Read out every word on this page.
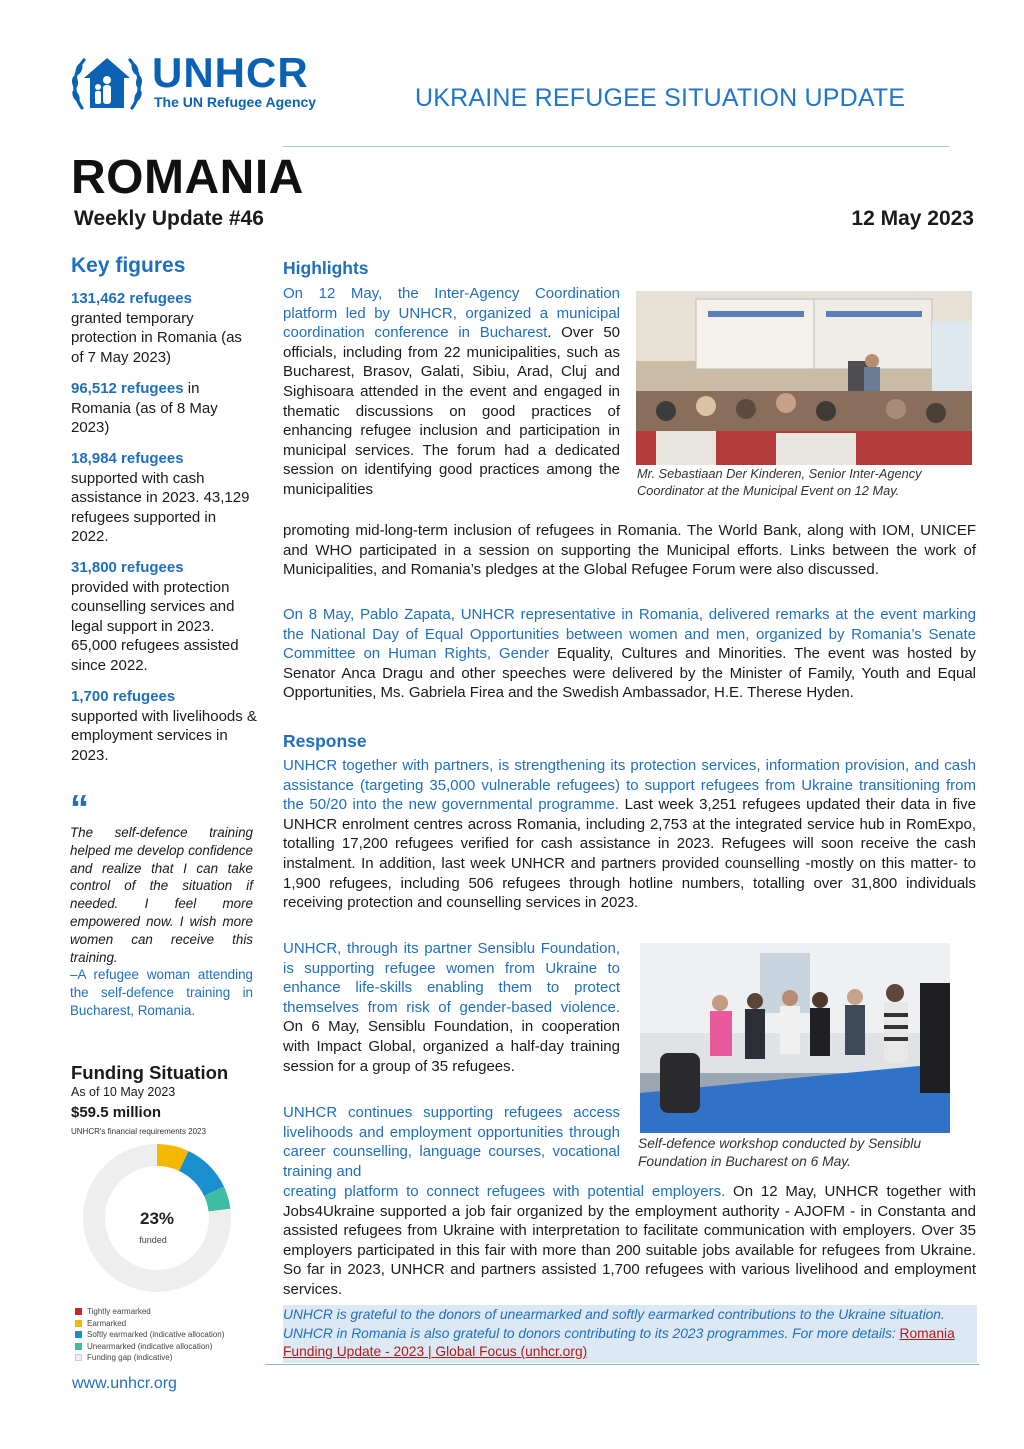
UNHCR
The UN Refugee Agency	UKRAINE REFUGEE SITUATION UPDATE
ROMANIA
Weekly Update #46	12 May 2023
Key figures
131,462 refugees
granted temporary protection in Romania (as of 7 May 2023)
96,512 refugees in Romania (as of 8 May 2023)
18,984 refugees
supported with cash assistance in 2023. 43,129 refugees supported in 2022.
31,800 refugees
provided with protection counselling services and legal support in 2023. 65,000 refugees assisted since 2022.
1,700 refugees
supported with livelihoods & employment services in 2023.
“
The self-defence training helped me develop confidence and realize that I can take control of the situation if needed. I feel more empowered now. I wish more women can receive this training.
–A refugee woman attending the self-defence training in Bucharest, Romania.
Funding Situation
As of 10 May 2023
$59.5 million
UNHCR's financial requirements 2023
23%
funded
Tightly earmarked
Earmarked
Softly earmarked (indicative allocation)
Unearmarked (indicative allocation)
Funding gap (indicative)
www.unhcr.org
Highlights
On 12 May, the Inter-Agency Coordination platform led by UNHCR, organized a municipal coordination conference in Bucharest. Over 50 officials, including from 22 municipalities, such as Bucharest, Brasov, Galati, Sibiu, Arad, Cluj and Sighisoara attended in the event and engaged in thematic discussions on good practices of enhancing refugee inclusion and participation in municipal services. The forum had a dedicated session on identifying good practices among the municipalities
Mr. Sebastiaan Der Kinderen, Senior Inter-Agency Coordinator at the Municipal Event on 12 May.
promoting mid-long-term inclusion of refugees in Romania. The World Bank, along with IOM, UNICEF and WHO participated in a session on supporting the Municipal efforts. Links between the work of Municipalities, and Romania’s pledges at the Global Refugee Forum were also discussed.
On 8 May, Pablo Zapata, UNHCR representative in Romania, delivered remarks at the event marking the National Day of Equal Opportunities between women and men, organized by Romania’s Senate Committee on Human Rights, Gender Equality, Cultures and Minorities. The event was hosted by Senator Anca Dragu and other speeches were delivered by the Minister of Family, Youth and Equal Opportunities, Ms. Gabriela Firea and the Swedish Ambassador, H.E. Therese Hyden.
Response
UNHCR together with partners, is strengthening its protection services, information provision, and cash assistance (targeting 35,000 vulnerable refugees) to support refugees from Ukraine transitioning from the 50/20 into the new governmental programme. Last week 3,251 refugees updated their data in five UNHCR enrolment centres across Romania, including 2,753 at the integrated service hub in RomExpo, totalling 17,200 refugees verified for cash assistance in 2023. Refugees will soon receive the cash instalment. In addition, last week UNHCR and partners provided counselling -mostly on this matter- to 1,900 refugees, including 506 refugees through hotline numbers, totalling over 31,800 individuals receiving protection and counselling services in 2023.
UNHCR, through its partner Sensiblu Foundation, is supporting refugee women from Ukraine to enhance life-skills enabling them to protect themselves from risk of gender-based violence. On 6 May, Sensiblu Foundation, in cooperation with Impact Global, organized a half-day training session for a group of 35 refugees.
Self-defence workshop conducted by Sensiblu Foundation in Bucharest on 6 May.
UNHCR continues supporting refugees access livelihoods and employment opportunities through career counselling, language courses, vocational training and
creating platform to connect refugees with potential employers. On 12 May, UNHCR together with Jobs4Ukraine supported a job fair organized by the employment authority - AJOFM - in Constanta and assisted refugees from Ukraine with interpretation to facilitate communication with employers. Over 35 employers participated in this fair with more than 200 suitable jobs available for refugees from Ukraine. So far in 2023, UNHCR and partners assisted 1,700 refugees with various livelihood and employment services.
UNHCR is grateful to the donors of unearmarked and softly earmarked contributions to the Ukraine situation. UNHCR in Romania is also grateful to donors contributing to its 2023 programmes. For more details: Romania Funding Update - 2023 | Global Focus (unhcr.org)
